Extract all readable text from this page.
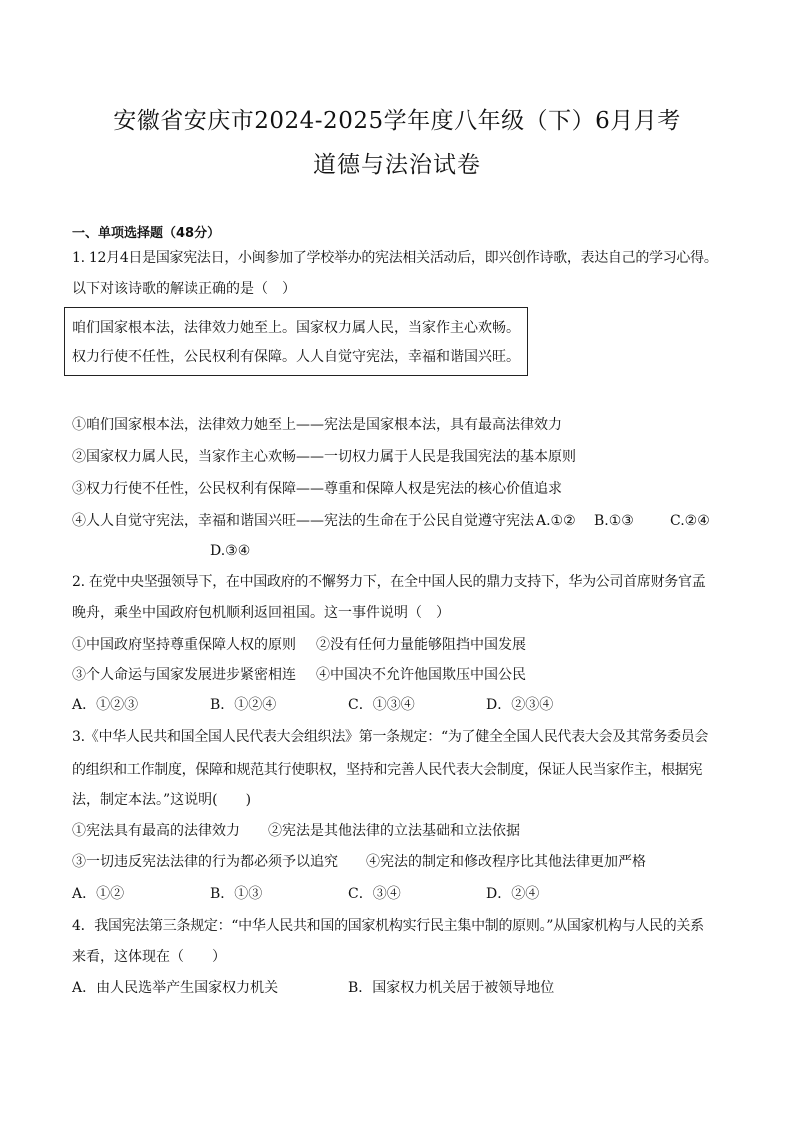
安徽省安庆市2024-2025学年度八年级（下）6月月考
道德与法治试卷
一、单项选择题（48分）
1. 12月4日是国家宪法日，小闽参加了学校举办的宪法相关活动后，即兴创作诗歌，表达自己的学习心得。
以下对该诗歌的解读正确的是（　）
咱们国家根本法，法律效力她至上。国家权力属人民，当家作主心欢畅。
权力行使不任性，公民权利有保障。人人自觉守宪法，幸福和谐国兴旺。
①咱们国家根本法，法律效力她至上——宪法是国家根本法，具有最高法律效力
②国家权力属人民，当家作主心欢畅——一切权力属于人民是我国宪法的基本原则
③权力行使不任性，公民权利有保障——尊重和保障人权是宪法的核心价值追求
④人人自觉守宪法，幸福和谐国兴旺——宪法的生命在于公民自觉遵守宪法 A.①② B.①③	C.②④
D.③④
2. 在党中央坚强领导下，在中国政府的不懈努力下，在全中国人民的鼎力支持下，华为公司首席财务官孟
晚舟，乘坐中国政府包机顺利返回祖国。这一事件说明（　）
①中国政府坚持尊重保障人权的原则 ②没有任何力量能够阻挡中国发展
③个人命运与国家发展进步紧密相连 ④中国决不允许他国欺压中国公民
A．①②③	B．①②④	C．①③④	D．②③④
3.《中华人民共和国全国人民代表大会组织法》第一条规定：“为了健全全国人民代表大会及其常务委员会
的组织和工作制度，保障和规范其行使职权，坚持和完善人民代表大会制度，保证人民当家作主，根据宪
法，制定本法。”这说明(　　)
①宪法具有最高的法律效力 ②宪法是其他法律的立法基础和立法依据
③一切违反宪法法律的行为都必须予以追究 ④宪法的制定和修改程序比其他法律更加严格
A．①②	B．①③	C．③④	D．②④
4．我国宪法第三条规定：“中华人民共和国的国家机构实行民主集中制的原则。”从国家机构与人民的关系
来看，这体现在（　　）
A．由人民选举产生国家权力机关	B．国家权力机关居于被领导地位
